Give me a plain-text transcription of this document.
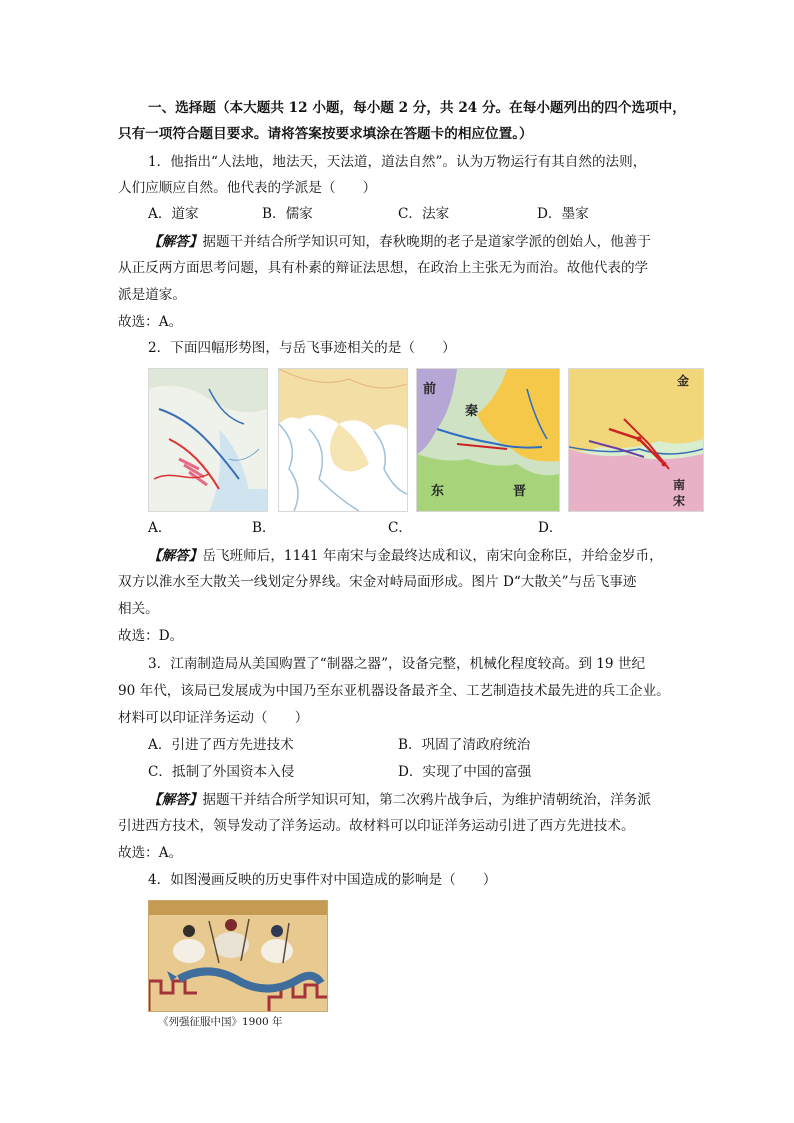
一、选择题（本大题共 12 小题，每小题 2 分，共 24 分。在每小题列出的四个选项中，
只有一项符合题目要求。请将答案按要求填涂在答题卡的相应位置。）
1．他指出“人法地，地法天，天法道，道法自然”。认为万物运行有其自然的法则，
人们应顺应自然。他代表的学派是（　　）
A．道家	B．儒家	C．法家	D．墨家
【解答】据题干并结合所学知识可知，春秋晚期的老子是道家学派的创始人，他善于
从正反两方面思考问题，具有朴素的辩证法思想，在政治上主张无为而治。故他代表的学
派是道家。
故选：A。
2．下面四幅形势图，与岳飞事迹相关的是（　　）
前
秦
东	晋
金
南
宋
A．	B．	C．	D．
【解答】岳飞班师后，1141 年南宋与金最终达成和议，南宋向金称臣，并给金岁币，
双方以淮水至大散关一线划定分界线。宋金对峙局面形成。图片 D“大散关”与岳飞事迹
相关。
故选：D。
3．江南制造局从美国购置了“制器之器”，设备完整，机械化程度较高。到 19 世纪
90 年代，该局已发展成为中国乃至东亚机器设备最齐全、工艺制造技术最先进的兵工企业。
材料可以印证洋务运动（　　）
A．引进了西方先进技术	B．巩固了清政府统治
C．抵制了外国资本入侵	D．实现了中国的富强
【解答】据题干并结合所学知识可知，第二次鸦片战争后，为维护清朝统治，洋务派
引进西方技术，领导发动了洋务运动。故材料可以印证洋务运动引进了西方先进技术。
故选：A。
4．如图漫画反映的历史事件对中国造成的影响是（　　）
《列强征服中国》1900 年
